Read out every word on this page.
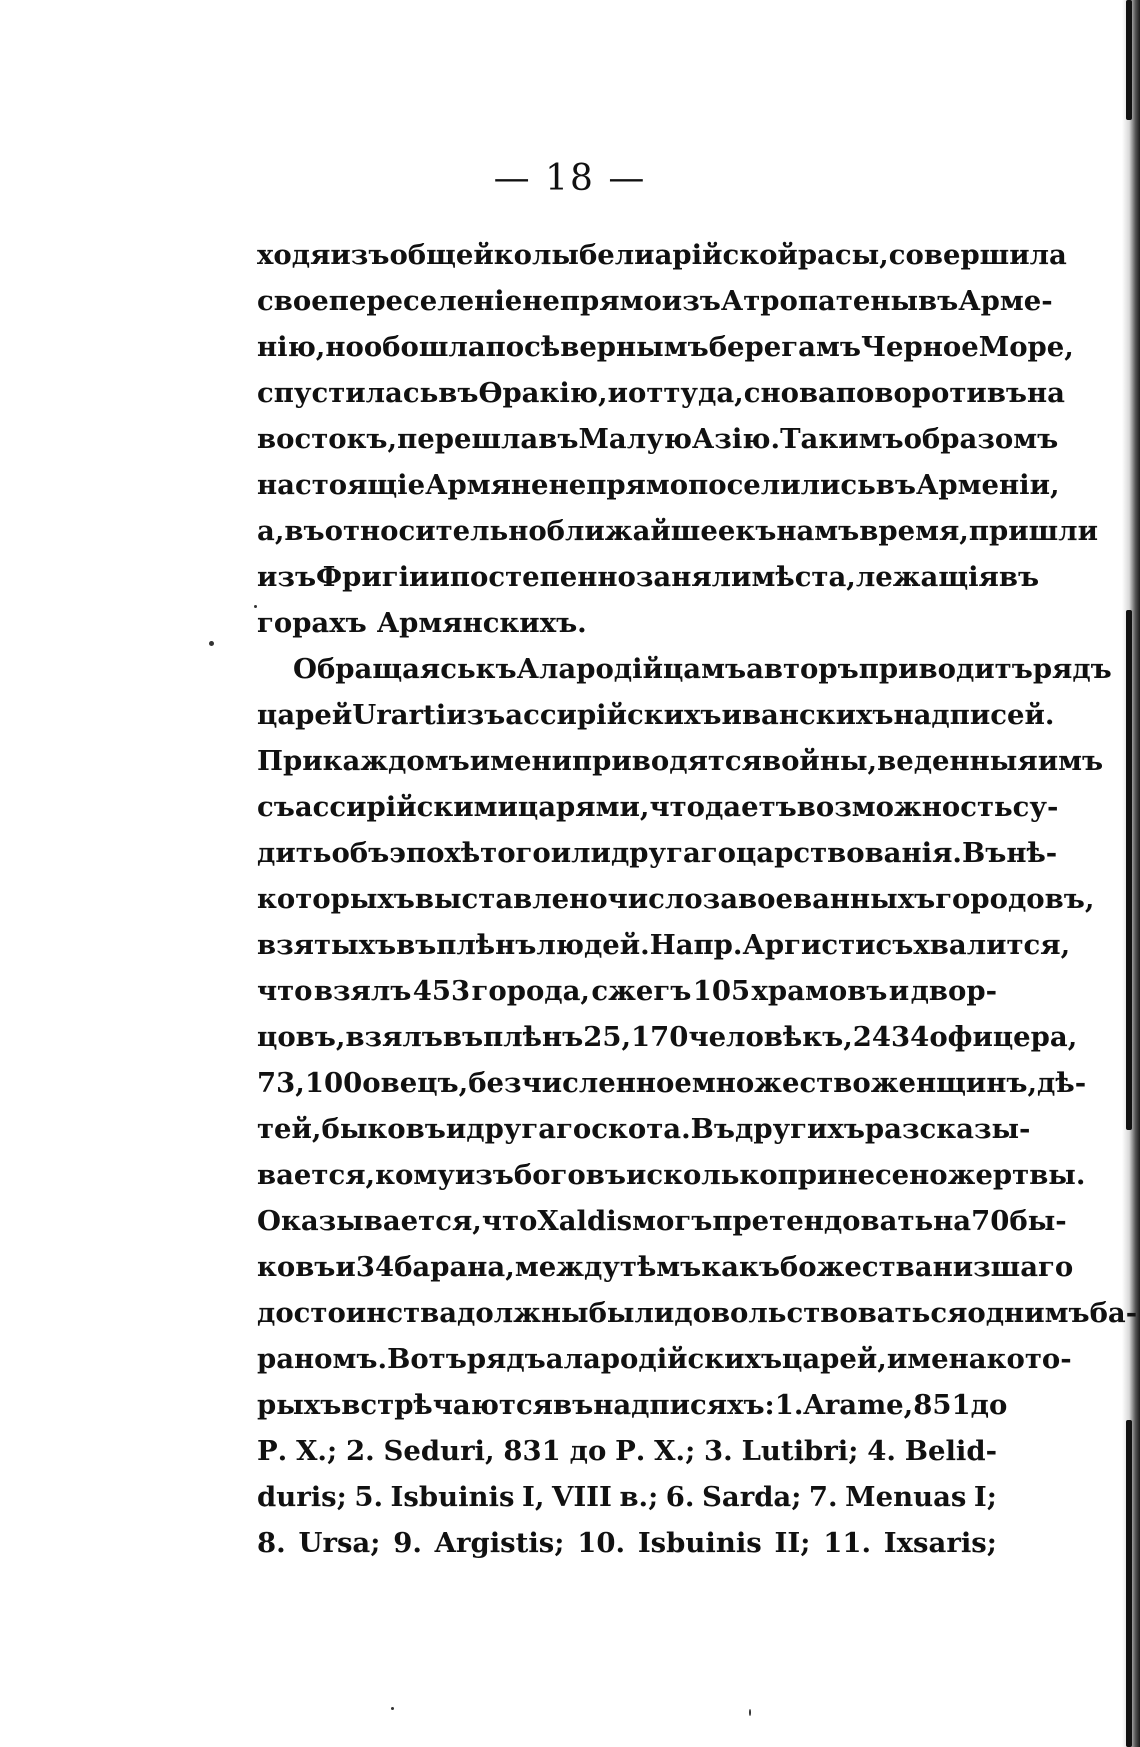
— 18 —
ходя изъ общей колыбели арійской расы, совершила
свое переселеніе не прямо изъ Атропатены въ Арме-
нію, но обошла по сѣвернымъ берегамъ Черное Море,
спустилась въ Ѳракію, и оттуда, снова поворотивъ на
востокъ, перешла въ Малую Азію. Такимъ образомъ
настоящіе Армяне не прямо поселились въ Арменіи,
а, въ относительно ближайшее къ намъ время, пришли
изъ Фригіи и постепенно заняли мѣста, лежащія въ
горахъ Армянскихъ.
Обращаясь къ Алародійцамъ авторъ приводитъ рядъ
царей Urarti изъ ассирійскихъ и ванскихъ надписей.
При каждомъ имени приводятся войны, веденныя имъ
съ ассирійскими царями, что даетъ возможность су-
дить объ эпохѣ того или другаго царствованія. Въ нѣ-
которыхъ выставлено число завоеванныхъ городовъ,
взятыхъ въ плѣнъ людей. Напр. Аргистисъ хвалится,
что взялъ 453 города, сжегъ 105 храмовъ и двор-
цовъ, взялъ въ плѣнъ 25,170 человѣкъ, 2434 офицера,
73,100 овецъ, безчисленное множество женщинъ, дѣ-
тей, быковъ и другаго скота. Въ другихъ разсказы-
вается, кому изъ боговъ и сколько принесено жертвы.
Оказывается, что Xaldis могъ претендовать на 70 бы-
ковъ и 34 барана, между тѣмъ какъ божества низшаго
достоинства должны были довольствоваться однимъ ба-
раномъ. Вотъ рядъ алародійскихъ царей, имена кото-
рыхъ встрѣчаются въ надписяхъ: 1. Arame, 851 до
Р. Х.; 2. Seduri, 831 до Р. Х.; 3. Lutibri; 4. Belid-
duris; 5. Isbuinis I, VIII в.; 6. Sarda; 7. Menuas I;
8. Ursa; 9. Argistis; 10. Isbuinis II; 11. Ixsaris;
